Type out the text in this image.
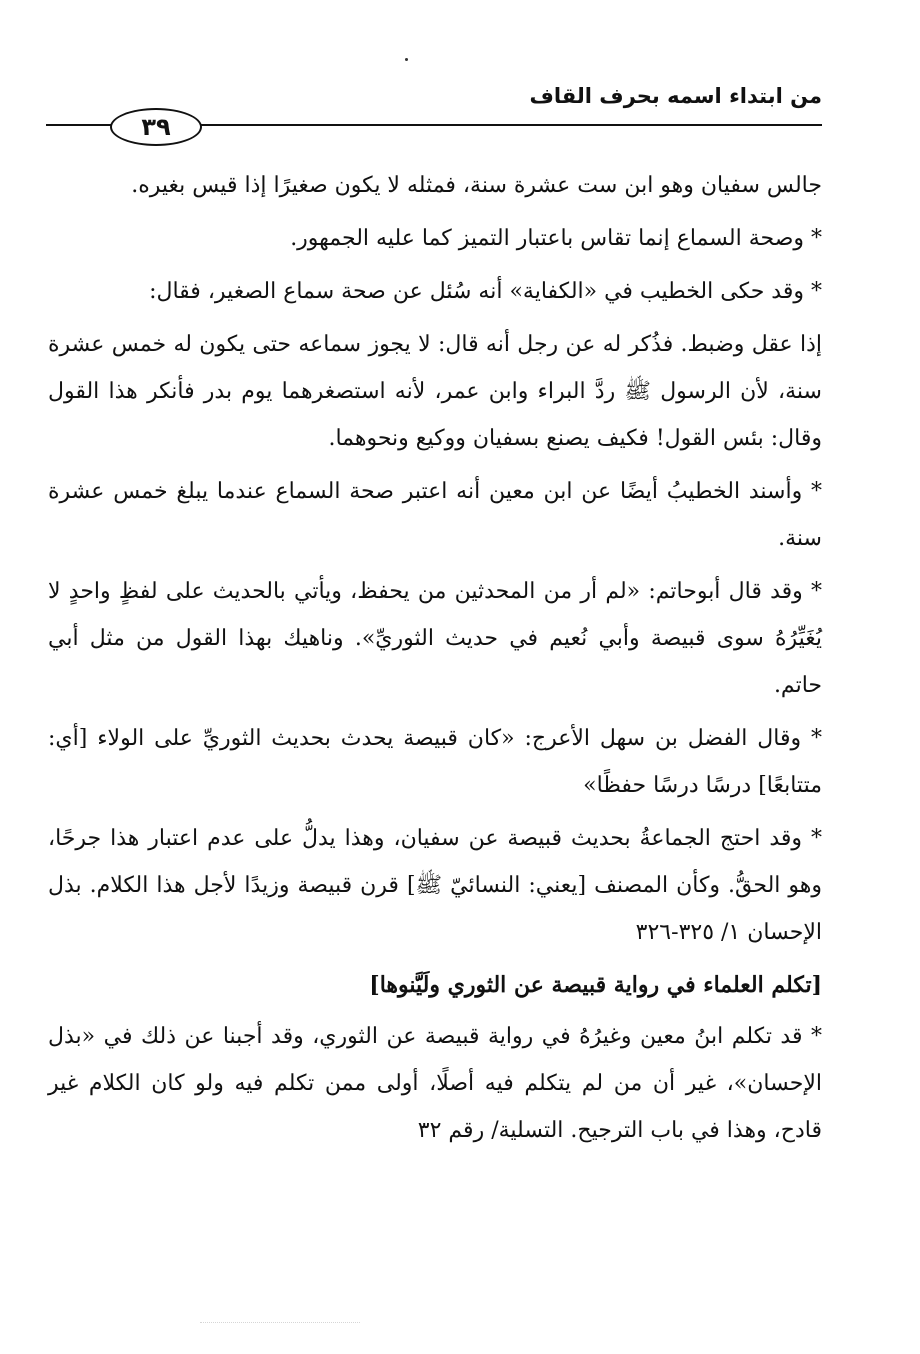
من ابتداء اسمه بحرف القاف
٣٩

جالس سفيان وهو ابن ست عشرة سنة، فمثله لا يكون صغيرًا إذا قيس بغيره.

* وصحة السماع إنما تقاس باعتبار التميز كما عليه الجمهور.

* وقد حكى الخطيب في «الكفاية» أنه سُئل عن صحة سماع الصغير، فقال:

إذا عقل وضبط. فذُكر له عن رجل أنه قال: لا يجوز سماعه حتى يكون له خمس عشرة سنة، لأن الرسول ﷺ ردَّ البراء وابن عمر، لأنه استصغرهما يوم بدر فأنكر هذا القول وقال: بئس القول! فكيف يصنع بسفيان ووكيع ونحوهما.

* وأسند الخطيبُ أيضًا عن ابن معين أنه اعتبر صحة السماع عندما يبلغ خمس عشرة سنة.

* وقد قال أبوحاتم: «لم أر من المحدثين من يحفظ، ويأتي بالحديث على لفظٍ واحدٍ لا يُغَيِّرُهُ سوى قبيصة وأبي نُعيم في حديث الثوريِّ». وناهيك بهذا القول من مثل أبي حاتم.

* وقال الفضل بن سهل الأعرج: «كان قبيصة يحدث بحديث الثوريِّ على الولاء [أي: متتابعًا] درسًا درسًا حفظًا»

* وقد احتج الجماعةُ بحديث قبيصة عن سفيان، وهذا يدلُّ على عدم اعتبار هذا جرحًا، وهو الحقُّ. وكأن المصنف [يعني: النسائيّ ﷺ] قرن قبيصة وزيدًا لأجل هذا الكلام. بذل الإحسان ١/ ٣٢٥-٣٢٦

[تكلم العلماء في رواية قبيصة عن الثوري ولَيَّنوها]

* قد تكلم ابنُ معين وغيرُهُ في رواية قبيصة عن الثوري، وقد أجبنا عن ذلك في «بذل الإحسان»، غير أن من لم يتكلم فيه أصلًا، أولى ممن تكلم فيه ولو كان الكلام غير قادح، وهذا في باب الترجيح. التسلية/ رقم ٣٢
